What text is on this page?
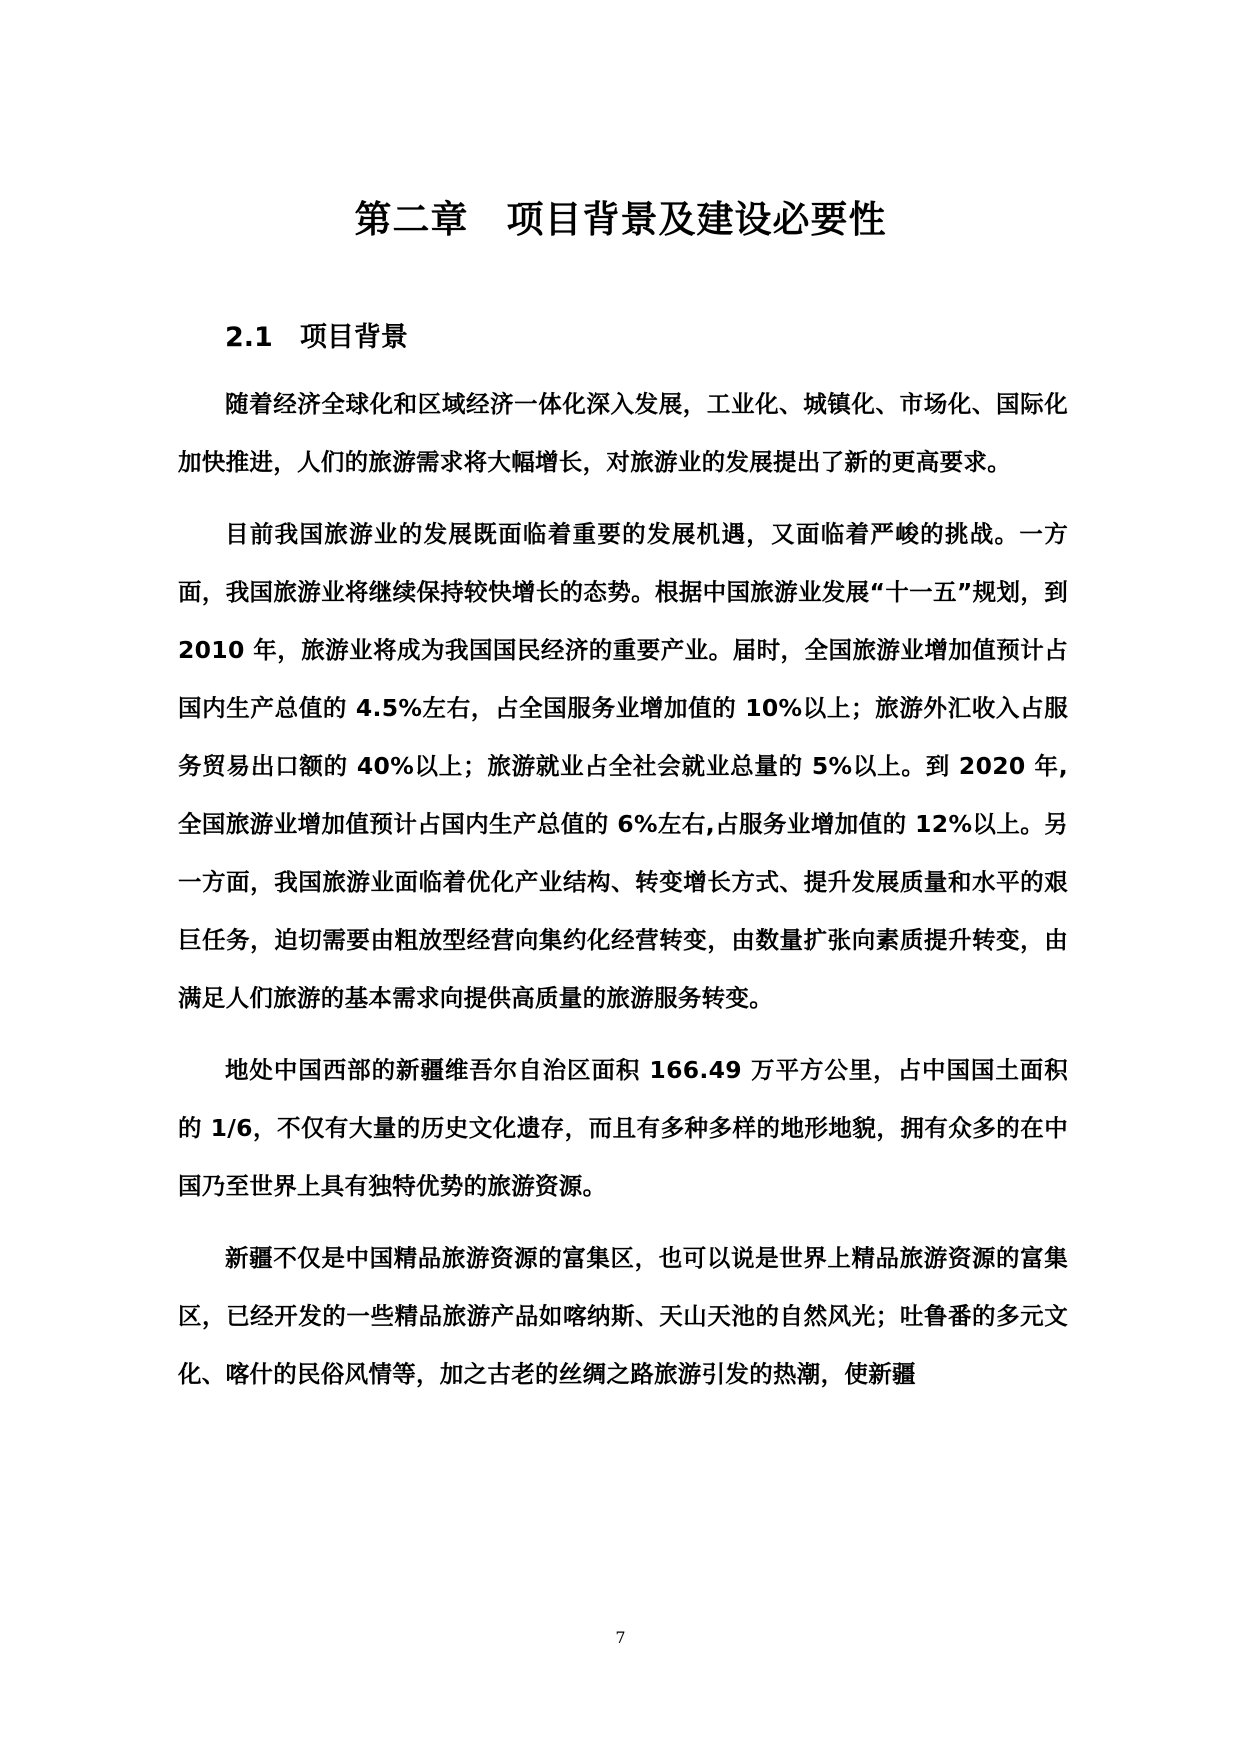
第二章　项目背景及建设必要性
2.1　项目背景

随着经济全球化和区域经济一体化深入发展，工业化、城镇化、市场化、国际化加快推进，人们的旅游需求将大幅增长，对旅游业的发展提出了新的更高要求。

目前我国旅游业的发展既面临着重要的发展机遇，又面临着严峻的挑战。一方面，我国旅游业将继续保持较快增长的态势。根据中国旅游业发展“十一五”规划，到 2010 年，旅游业将成为我国国民经济的重要产业。届时，全国旅游业增加值预计占国内生产总值的 4.5%左右，占全国服务业增加值的 10%以上；旅游外汇收入占服务贸易出口额的 40%以上；旅游就业占全社会就业总量的 5%以上。到 2020 年,全国旅游业增加值预计占国内生产总值的 6%左右,占服务业增加值的 12%以上。另一方面，我国旅游业面临着优化产业结构、转变增长方式、提升发展质量和水平的艰巨任务，迫切需要由粗放型经营向集约化经营转变，由数量扩张向素质提升转变，由满足人们旅游的基本需求向提供高质量的旅游服务转变。

地处中国西部的新疆维吾尔自治区面积 166.49 万平方公里，占中国国土面积的 1/6，不仅有大量的历史文化遗存，而且有多种多样的地形地貌，拥有众多的在中国乃至世界上具有独特优势的旅游资源。

新疆不仅是中国精品旅游资源的富集区，也可以说是世界上精品旅游资源的富集区，已经开发的一些精品旅游产品如喀纳斯、天山天池的自然风光；吐鲁番的多元文化、喀什的民俗风情等，加之古老的丝绸之路旅游引发的热潮，使新疆

7
